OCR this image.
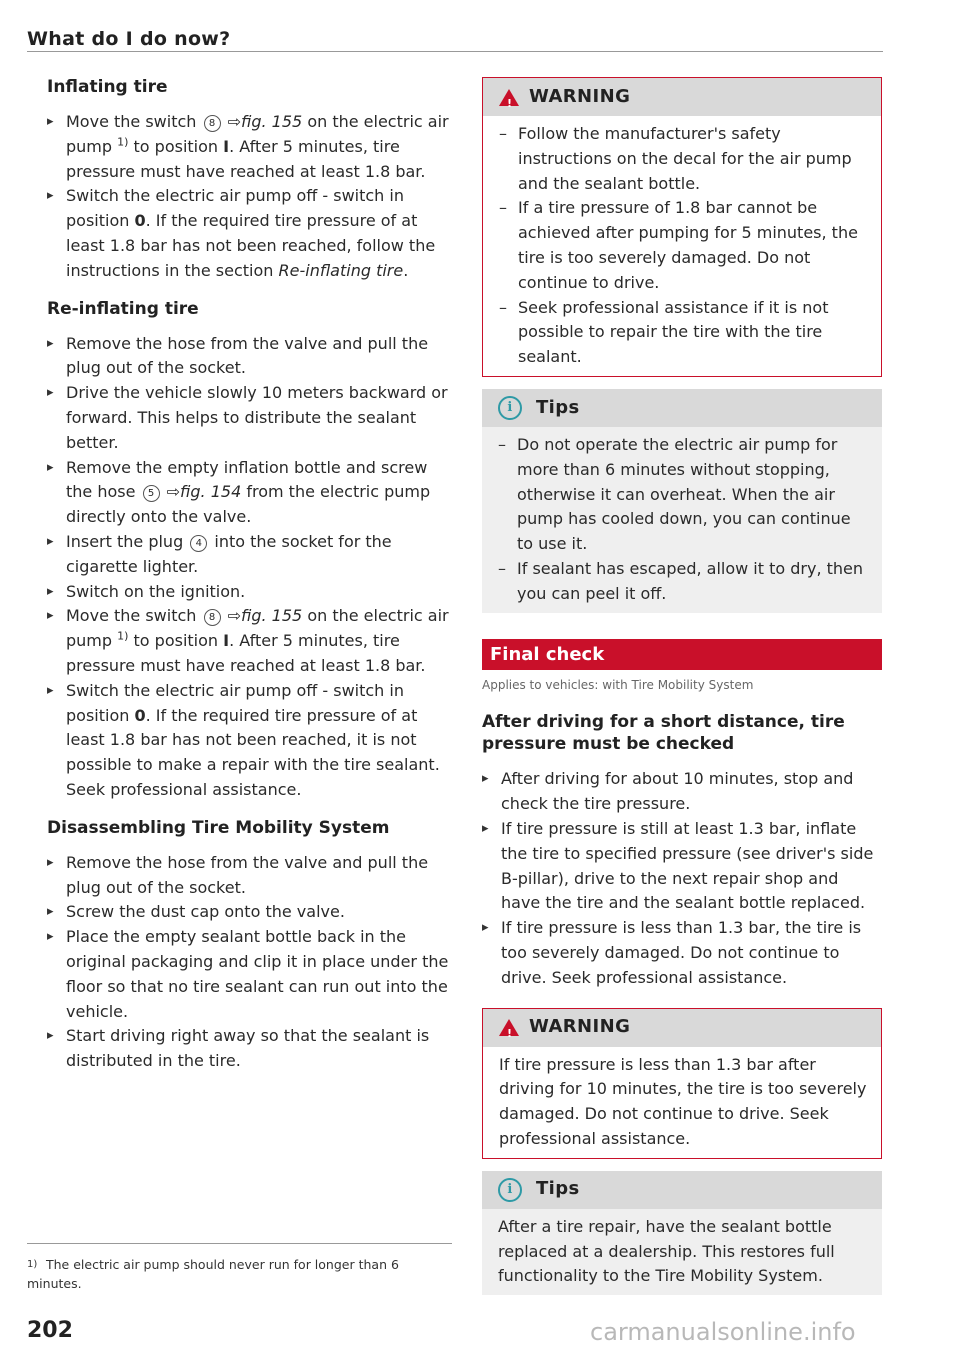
What do I do now?
Inflating tire
▸ Move the switch 8 ⇨fig. 155 on the electric air pump $^{1)}$ to position I. After 5 minutes, tire pressure must have reached at least 1.8 bar.
▸ Switch the electric air pump off - switch in position 0. If the required tire pressure of at least 1.8 bar has not been reached, follow the instructions in the section Re-inflating tire.
Re-inflating tire
▸ Remove the hose from the valve and pull the plug out of the socket.
▸ Drive the vehicle slowly 10 meters backward or forward. This helps to distribute the sealant better.
▸ Remove the empty inflation bottle and screw the hose 5 ⇨fig. 154 from the electric pump directly onto the valve.
▸ Insert the plug 4 into the socket for the cigarette lighter.
▸ Switch on the ignition.
▸ Move the switch 8 ⇨fig. 155 on the electric air pump $^{1)}$ to position I. After 5 minutes, tire pressure must have reached at least 1.8 bar.
▸ Switch the electric air pump off - switch in position 0. If the required tire pressure of at least 1.8 bar has not been reached, it is not possible to make a repair with the tire sealant. Seek professional assistance.
Disassembling Tire Mobility System
▸ Remove the hose from the valve and pull the plug out of the socket.
▸ Screw the dust cap onto the valve.
▸ Place the empty sealant bottle back in the original packaging and clip it in place under the floor so that no tire sealant can run out into the vehicle.
▸ Start driving right away so that the sealant is distributed in the tire.
! WARNING
– Follow the manufacturer's safety instructions on the decal for the air pump and the sealant bottle.
– If a tire pressure of 1.8 bar cannot be achieved after pumping for 5 minutes, the tire is too severely damaged. Do not continue to drive.
– Seek professional assistance if it is not possible to repair the tire with the tire sealant.
i	Tips
– Do not operate the electric air pump for more than 6 minutes without stopping, otherwise it can overheat. When the air pump has cooled down, you can continue to use it.
– If sealant has escaped, allow it to dry, then you can peel it off.
Final check
Applies to vehicles: with Tire Mobility System
After driving for a short distance, tire pressure must be checked
▸ After driving for about 10 minutes, stop and check the tire pressure.
▸ If tire pressure is still at least 1.3 bar, inflate the tire to specified pressure (see driver's side B-pillar), drive to the next repair shop and have the tire and the sealant bottle replaced.
▸ If tire pressure is less than 1.3 bar, the tire is too severely damaged. Do not continue to drive. Seek professional assistance.
! WARNING
If tire pressure is less than 1.3 bar after driving for 10 minutes, the tire is too severely damaged. Do not continue to drive. Seek professional assistance.
i	Tips
After a tire repair, have the sealant bottle replaced at a dealership. This restores full functionality to the Tire Mobility System.
1) The electric air pump should never run for longer than 6 minutes.
202	carmanualsonline.info
